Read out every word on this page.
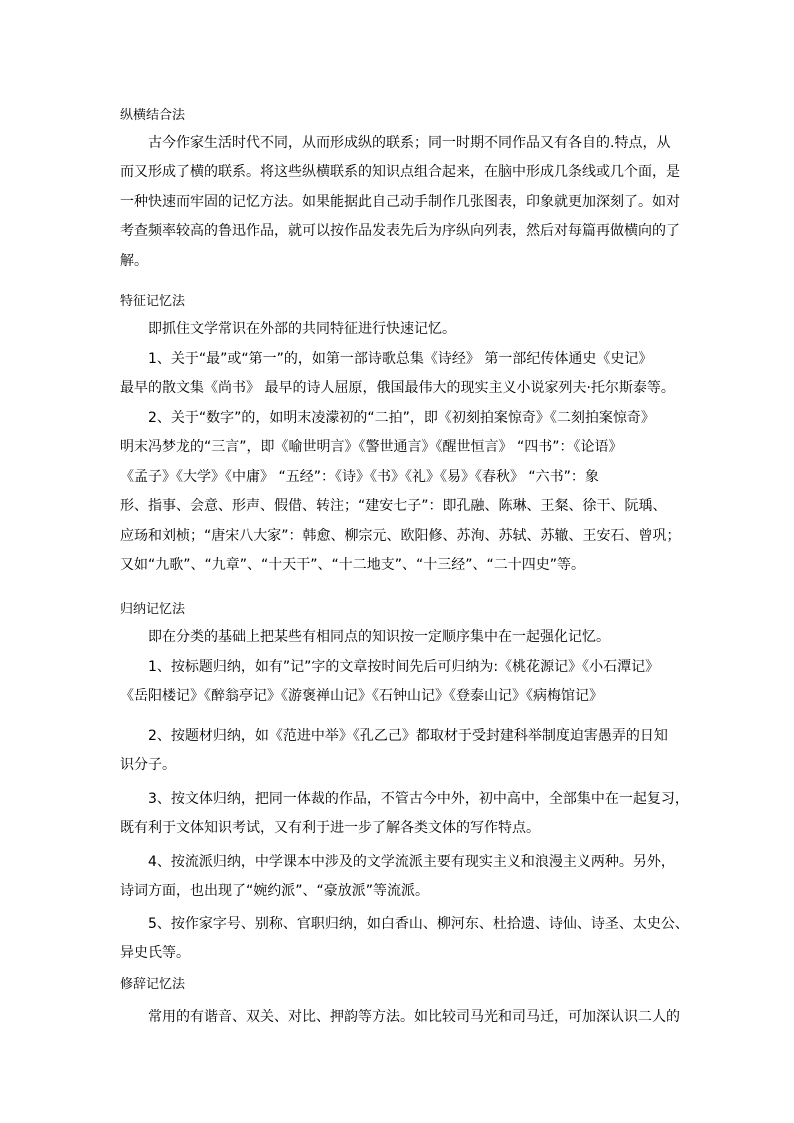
纵横结合法
古今作家生活时代不同，从而形成纵的联系；同一时期不同作品又有各自的.特点，从
而又形成了横的联系。将这些纵横联系的知识点组合起来，在脑中形成几条线或几个面，是
一种快速而牢固的记忆方法。如果能据此自己动手制作几张图表，印象就更加深刻了。如对
考查频率较高的鲁迅作品，就可以按作品发表先后为序纵向列表，然后对每篇再做横向的了
解。
特征记忆法
即抓住文学常识在外部的共同特征进行快速记忆。
1、关于“最”或“第一”的，如第一部诗歌总集《诗经》 第一部纪传体通史《史记》
最早的散文集《尚书》 最早的诗人屈原，俄国最伟大的现实主义小说家列夫·托尔斯泰等。
2、关于“数字”的，如明末凌濛初的“二拍”，即《初刻拍案惊奇》《二刻拍案惊奇》
明末冯梦龙的“三言”，即《喻世明言》《警世通言》《醒世恒言》 “四书”：《论语》
《孟子》《大学》《中庸》 “五经”：《诗》《书》《礼》《易》《春秋》 “六书”：象
形、指事、会意、形声、假借、转注；“建安七子”：即孔融、陈琳、王粲、徐干、阮瑀、
应玚和刘桢；“唐宋八大家”：韩愈、柳宗元、欧阳修、苏洵、苏轼、苏辙、王安石、曾巩；
又如“九歌”、“九章”、“十天干”、“十二地支”、“十三经”、“二十四史”等。
归纳记忆法
即在分类的基础上把某些有相同点的知识按一定顺序集中在一起强化记忆。
1、按标题归纳，如有”记”字的文章按时间先后可归纳为:《桃花源记》《小石潭记》
《岳阳楼记》《醉翁亭记》《游褒禅山记》《石钟山记》《登泰山记》《病梅馆记》
2、按题材归纳，如《范进中举》《孔乙己》都取材于受封建科举制度迫害愚弄的日知
识分子。
3、按文体归纳，把同一体裁的作品，不管古今中外，初中高中，全部集中在一起复习，
既有利于文体知识考试，又有利于进一步了解各类文体的写作特点。
4、按流派归纳，中学课本中涉及的文学流派主要有现实主义和浪漫主义两种。另外，
诗词方面，也出现了“婉约派”、“豪放派”等流派。
5、按作家字号、别称、官职归纳，如白香山、柳河东、杜拾遗、诗仙、诗圣、太史公、
异史氏等。
修辞记忆法
常用的有谐音、双关、对比、押韵等方法。如比较司马光和司马迁，可加深认识二人的
